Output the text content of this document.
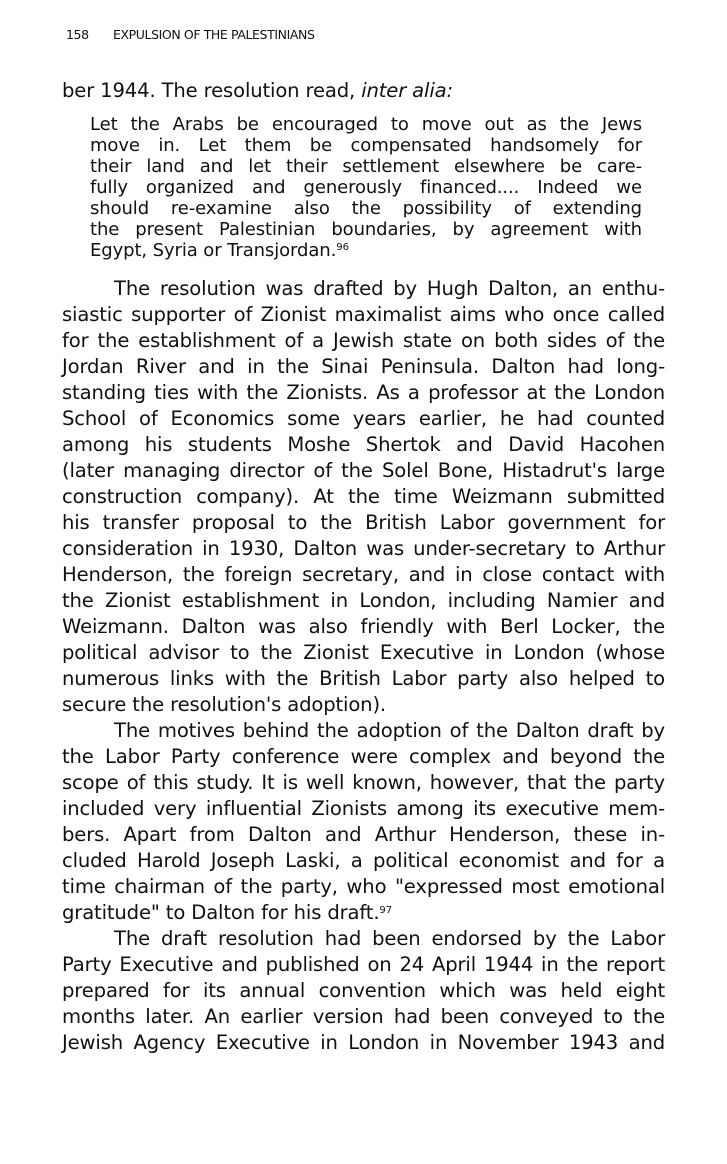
158 EXPULSION OF THE PALESTINIANS
ber 1944. The resolution read, inter alia:
Let the Arabs be encouraged to move out as the Jews
move in. Let them be compensated handsomely for
their land and let their settlement elsewhere be care-
fully organized and generously financed.... Indeed we
should re-examine also the possibility of extending
the present Palestinian boundaries, by agreement with
Egypt, Syria or Transjordan.$^{96}$
The resolution was drafted by Hugh Dalton, an enthu-
siastic supporter of Zionist maximalist aims who once called
for the establishment of a Jewish state on both sides of the
Jordan River and in the Sinai Peninsula. Dalton had long-
standing ties with the Zionists. As a professor at the London
School of Economics some years earlier, he had counted
among his students Moshe Shertok and David Hacohen
(later managing director of the Solel Bone, Histadrut's large
construction company). At the time Weizmann submitted
his transfer proposal to the British Labor government for
consideration in 1930, Dalton was under-secretary to Arthur
Henderson, the foreign secretary, and in close contact with
the Zionist establishment in London, including Namier and
Weizmann. Dalton was also friendly with Berl Locker, the
political advisor to the Zionist Executive in London (whose
numerous links with the British Labor party also helped to
secure the resolution's adoption).
The motives behind the adoption of the Dalton draft by
the Labor Party conference were complex and beyond the
scope of this study. It is well known, however, that the party
included very influential Zionists among its executive mem-
bers. Apart from Dalton and Arthur Henderson, these in-
cluded Harold Joseph Laski, a political economist and for a
time chairman of the party, who "expressed most emotional
gratitude" to Dalton for his draft.$^{97}$
The draft resolution had been endorsed by the Labor
Party Executive and published on 24 April 1944 in the report
prepared for its annual convention which was held eight
months later. An earlier version had been conveyed to the
Jewish Agency Executive in London in November 1943 and
